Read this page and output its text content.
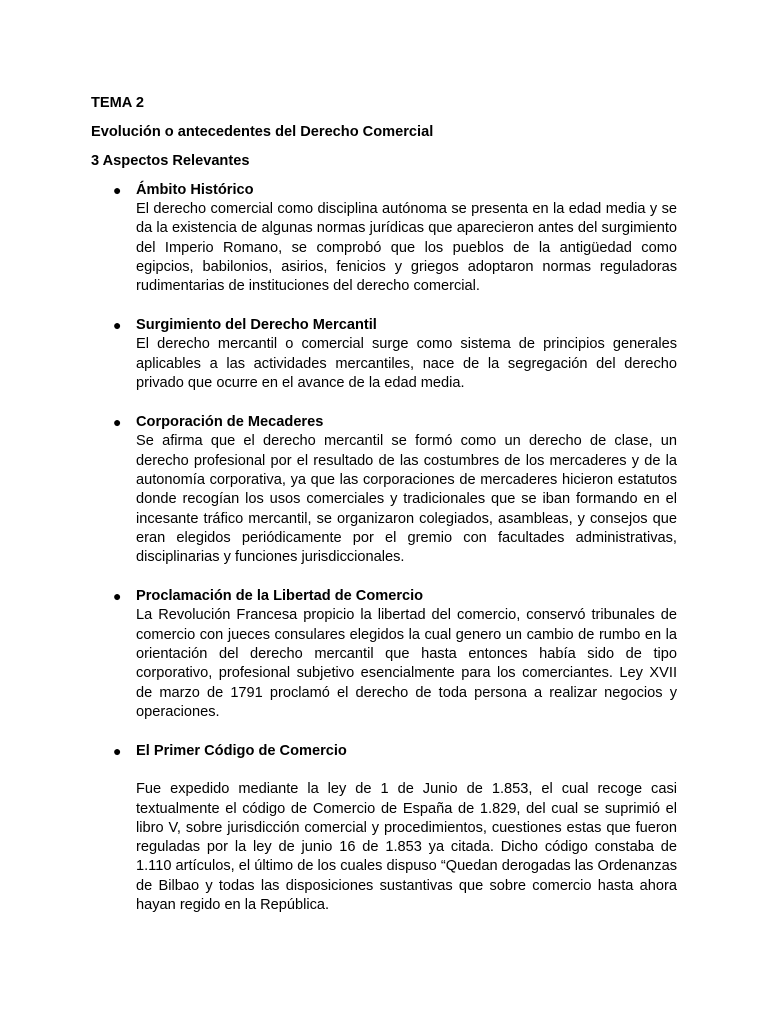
TEMA 2

Evolución o antecedentes del Derecho Comercial

3 Aspectos Relevantes

● Ámbito Histórico

El derecho comercial como disciplina autónoma se presenta en la edad media y se da la existencia de algunas normas jurídicas que aparecieron antes del surgimiento del Imperio Romano, se comprobó que los pueblos de la antigüedad como egipcios, babilonios, asirios, fenicios y griegos adoptaron normas reguladoras rudimentarias de instituciones del derecho comercial.

● Surgimiento del Derecho Mercantil

El derecho mercantil o comercial surge como sistema de principios generales aplicables a las actividades mercantiles, nace de la segregación del derecho privado que ocurre en el avance de la edad media.

● Corporación de Mecaderes

Se afirma que el derecho mercantil se formó como un derecho de clase, un derecho profesional por el resultado de las costumbres de los mercaderes y de la autonomía corporativa, ya que las corporaciones de mercaderes hicieron estatutos donde recogían los usos comerciales y tradicionales que se iban formando en el incesante tráfico mercantil, se organizaron colegiados, asambleas, y consejos que eran elegidos periódicamente por el gremio con facultades administrativas, disciplinarias y funciones jurisdiccionales.

● Proclamación de la Libertad de Comercio

La Revolución Francesa propicio la libertad del comercio, conservó tribunales de comercio con jueces consulares elegidos la cual genero un cambio de rumbo en la orientación del derecho mercantil que hasta entonces había sido de tipo corporativo, profesional subjetivo esencialmente para los comerciantes. Ley XVII de marzo de 1791 proclamó el derecho de toda persona a realizar negocios y operaciones.

● El Primer Código de Comercio

Fue expedido mediante la ley de 1 de Junio de 1.853, el cual recoge casi textualmente el código de Comercio de España de 1.829, del cual se suprimió el libro V, sobre jurisdicción comercial y procedimientos, cuestiones estas que fueron reguladas por la ley de junio 16 de 1.853 ya citada. Dicho código constaba de 1.110 artículos, el último de los cuales dispuso “Quedan derogadas las Ordenanzas de Bilbao y todas las disposiciones sustantivas que sobre comercio hasta ahora hayan regido en la República.
